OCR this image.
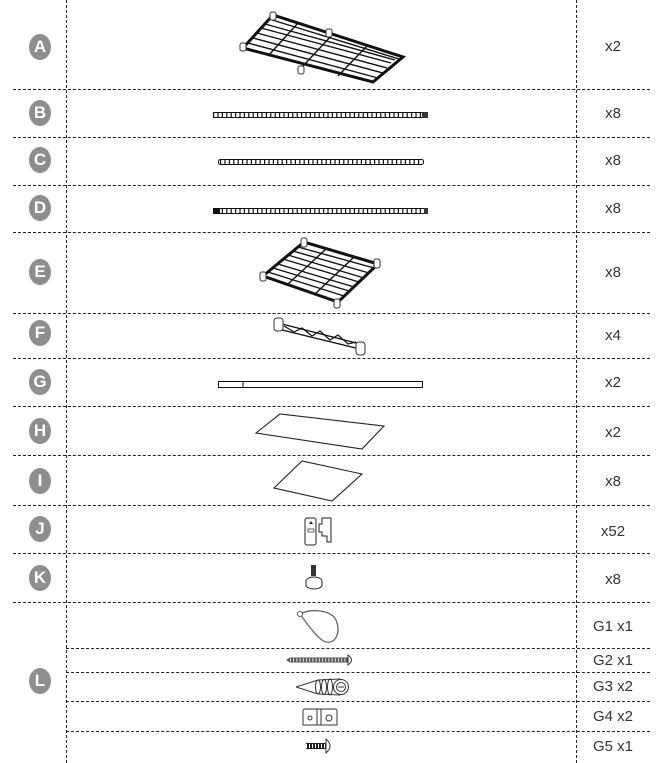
A	x2
B	x8
C	x8
D	x8
E	x8
F	x4
G	x2
H	x2
I	x8
J	x52
K	x8
L
G1 x1
G2 x1
G3 x2
G4 x2
G5 x1
